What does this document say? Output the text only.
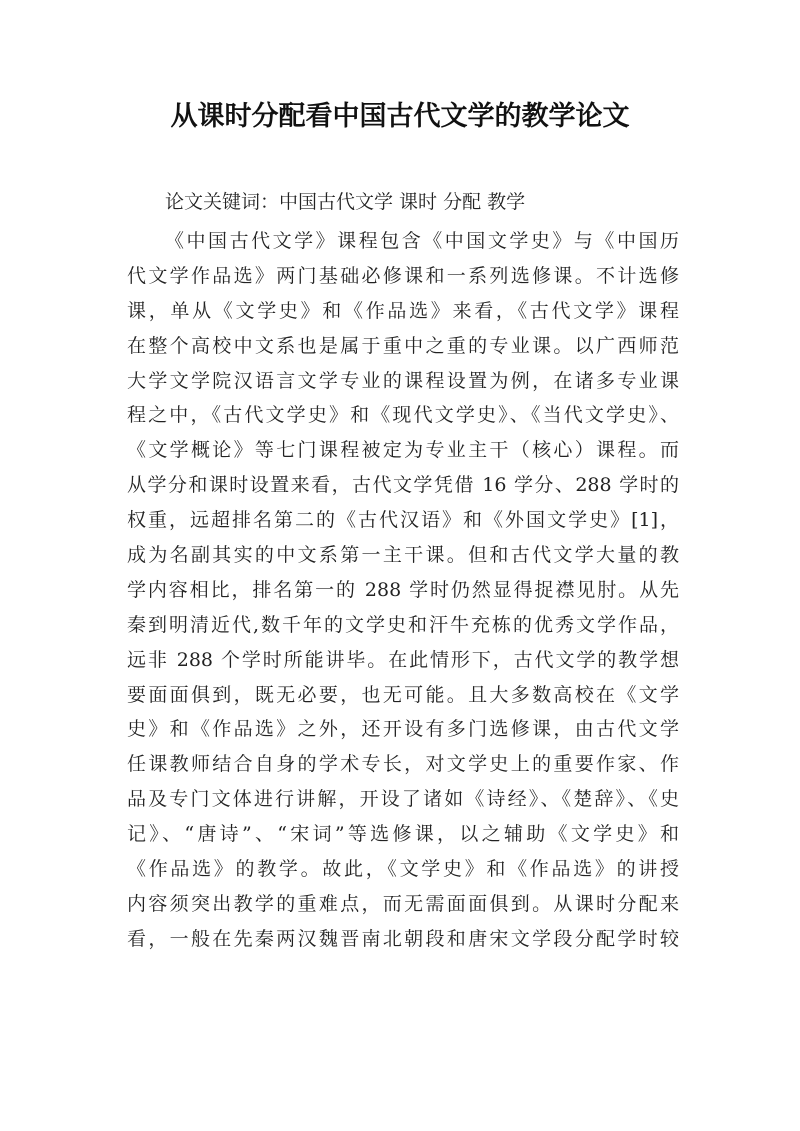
从课时分配看中国古代文学的教学论文

论文关键词：中国古代文学 课时 分配 教学

《中国古代文学》课程包含《中国文学史》与《中国历
代文学作品选》两门基础必修课和一系列选修课。不计选修
课，单从《文学史》和《作品选》来看，《古代文学》课程
在整个高校中文系也是属于重中之重的专业课。以广西师范
大学文学院汉语言文学专业的课程设置为例，在诸多专业课
程之中，《古代文学史》和《现代文学史》、《当代文学史》、
《文学概论》等七门课程被定为专业主干（核心）课程。而
从学分和课时设置来看，古代文学凭借 16 学分、288 学时的
权重，远超排名第二的《古代汉语》和《外国文学史》[1]，
成为名副其实的中文系第一主干课。但和古代文学大量的教
学内容相比，排名第一的 288 学时仍然显得捉襟见肘。从先
秦到明清近代,数千年的文学史和汗牛充栋的优秀文学作品，
远非 288 个学时所能讲毕。在此情形下，古代文学的教学想
要面面俱到，既无必要，也无可能。且大多数高校在《文学
史》和《作品选》之外，还开设有多门选修课，由古代文学
任课教师结合自身的学术专长，对文学史上的重要作家、作
品及专门文体进行讲解，开设了诸如《诗经》、《楚辞》、《史
记》、“唐诗”、“宋词”等选修课，以之辅助《文学史》和
《作品选》的教学。故此，《文学史》和《作品选》的讲授
内容须突出教学的重难点，而无需面面俱到。从课时分配来
看，一般在先秦两汉魏晋南北朝段和唐宋文学段分配学时较
